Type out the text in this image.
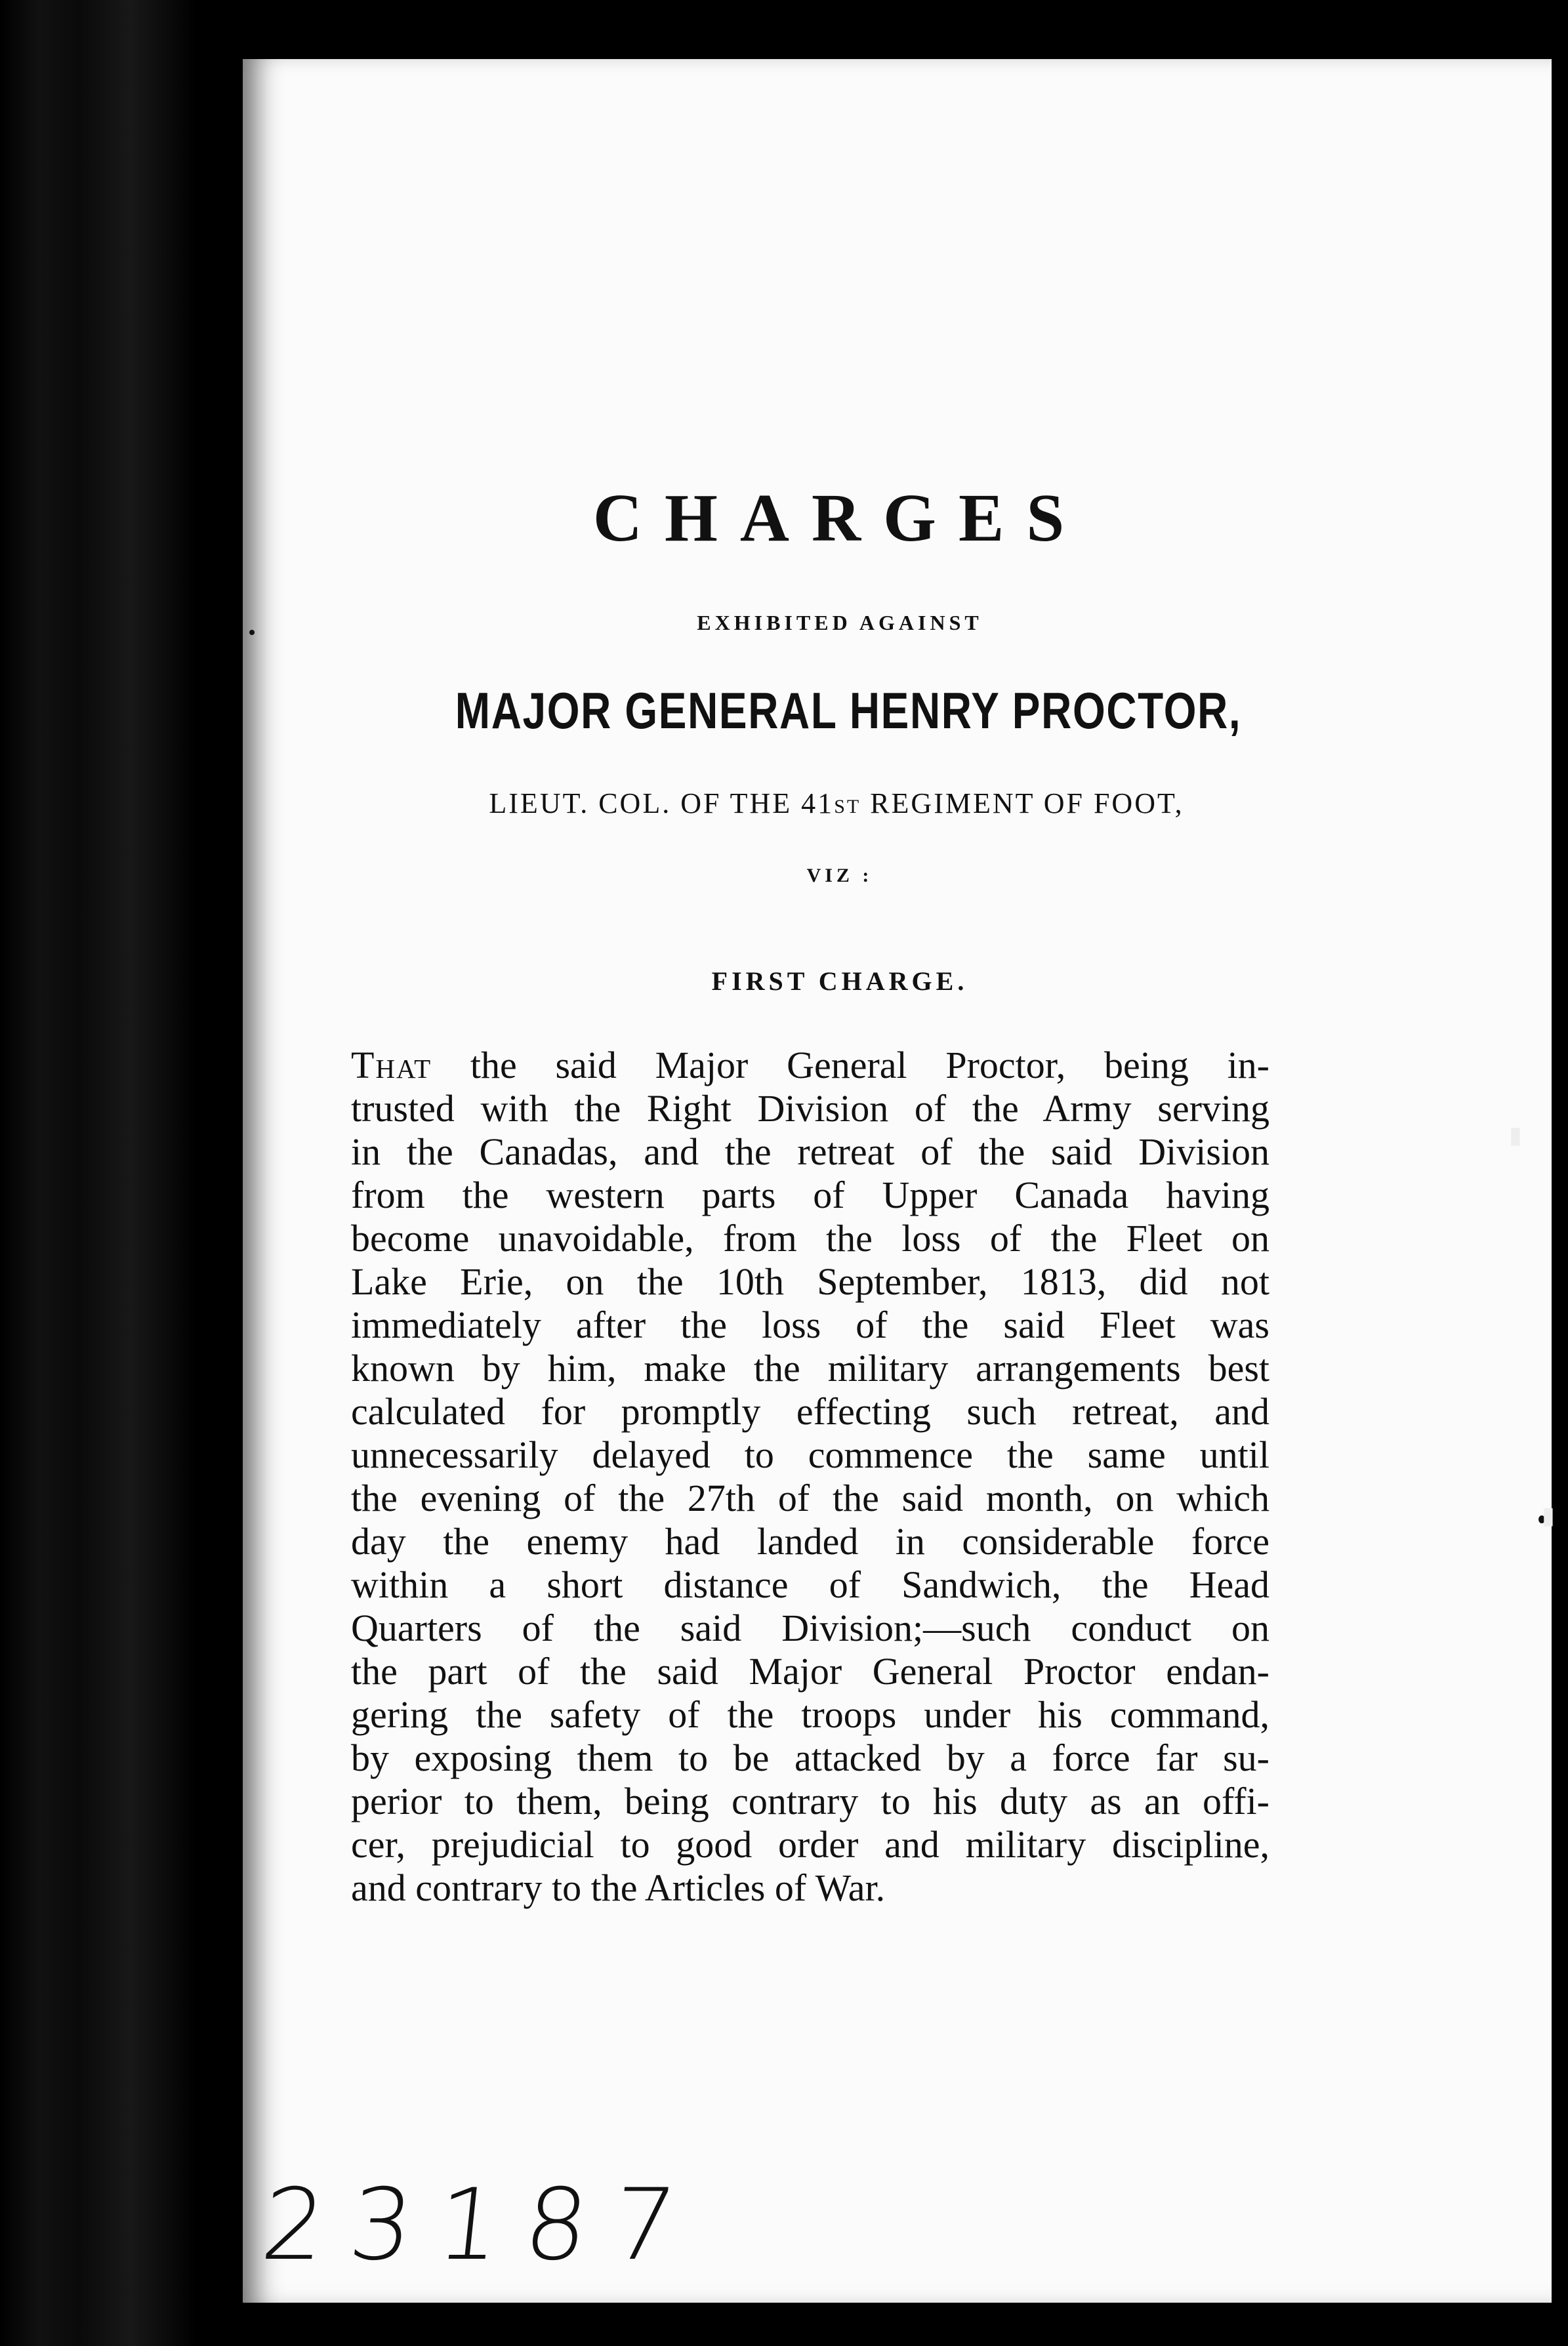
CHARGES
EXHIBITED AGAINST
MAJOR GENERAL HENRY PROCTOR,
LIEUT. COL. OF THE 41ST REGIMENT OF FOOT,
VIZ :
FIRST CHARGE.
That the said Major General Proctor, being in-
trusted with the Right Division of the Army serving
in the Canadas, and the retreat of the said Division
from the western parts of Upper Canada having
become unavoidable, from the loss of the Fleet on
Lake Erie, on the 10th September, 1813, did not
immediately after the loss of the said Fleet was
known by him, make the military arrangements best
calculated for promptly effecting such retreat, and
unnecessarily delayed to commence the same until
the evening of the 27th of the said month, on which
day the enemy had landed in considerable force
within a short distance of Sandwich, the Head
Quarters of the said Division;—such conduct on
the part of the said Major General Proctor endan-
gering the safety of the troops under his command,
by exposing them to be attacked by a force far su-
perior to them, being contrary to his duty as an offi-
cer, prejudicial to good order and military discipline,
and contrary to the Articles of War.
23187
▮
▮
